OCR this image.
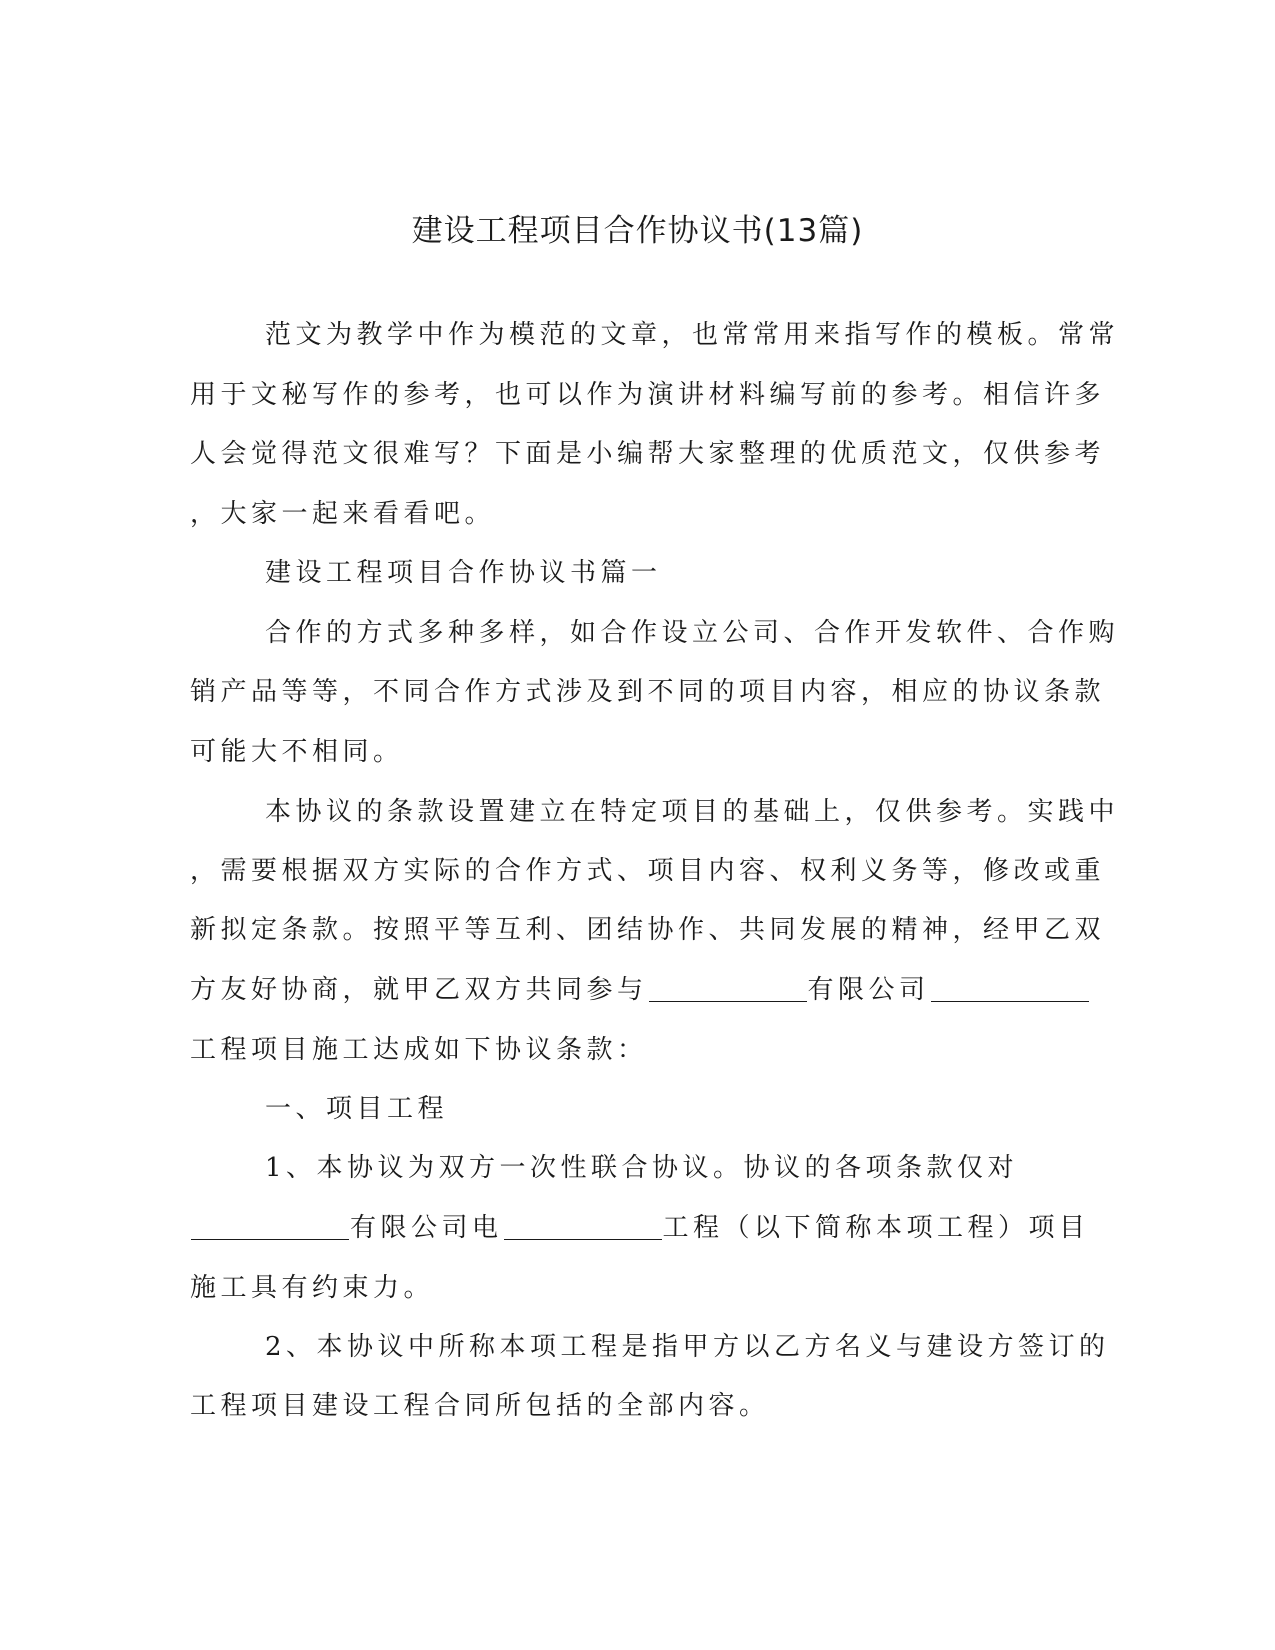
建设工程项目合作协议书(13篇)
范文为教学中作为模范的文章，也常常用来指写作的模板。常常
用于文秘写作的参考，也可以作为演讲材料编写前的参考。相信许多
人会觉得范文很难写？下面是小编帮大家整理的优质范文，仅供参考
，大家一起来看看吧。
建设工程项目合作协议书篇一
合作的方式多种多样，如合作设立公司、合作开发软件、合作购
销产品等等，不同合作方式涉及到不同的项目内容，相应的协议条款
可能大不相同。
本协议的条款设置建立在特定项目的基础上，仅供参考。实践中
，需要根据双方实际的合作方式、项目内容、权利义务等，修改或重
新拟定条款。按照平等互利、团结协作、共同发展的精神，经甲乙双
方友好协商，就甲乙双方共同参与	有限公司
工程项目施工达成如下协议条款：
一、项目工程
1、本协议为双方一次性联合协议。协议的各项条款仅对
有限公司电	工程（以下简称本项工程）项目
施工具有约束力。
2、本协议中所称本项工程是指甲方以乙方名义与建设方签订的
工程项目建设工程合同所包括的全部内容。
